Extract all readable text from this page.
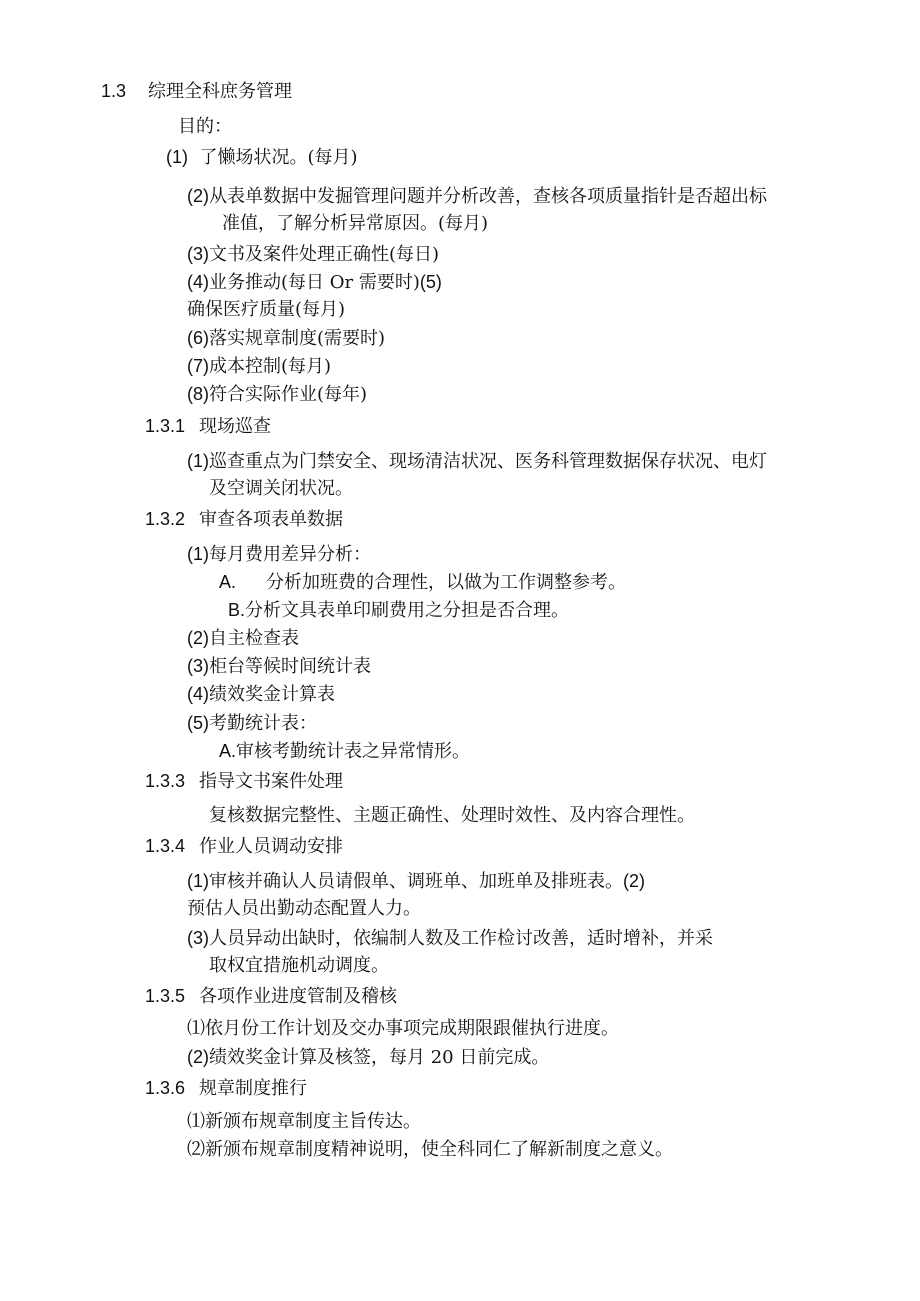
1.3 综理全科庶务管理
目的：
(1) 了懒场状况。(每月)
(2)从表单数据中发掘管理问题并分析改善，查核各项质量指针是否超出标
准值，了解分析异常原因。(每月)
(3)文书及案件处理正确性(每日)
(4)业务推动(每日 Or 需要时)(5)
确保医疗质量(每月)
(6)落实规章制度(需要时)
(7)成本控制(每月)
(8)符合实际作业(每年)
1.3.1 现场巡查
(1)巡查重点为门禁安全、现场清洁状况、医务科管理数据保存状况、电灯
及空调关闭状况。
1.3.2 审查各项表单数据
(1)每月费用差异分析：
A. 分析加班费的合理性，以做为工作调整参考。
B.分析文具表单印刷费用之分担是否合理。
(2)自主检查表
(3)柜台等候时间统计表
(4)绩效奖金计算表
(5)考勤统计表：
A.审核考勤统计表之异常情形。
1.3.3 指导文书案件处理
复核数据完整性、主题正确性、处理时效性、及内容合理性。
1.3.4 作业人员调动安排
(1)审核并确认人员请假单、调班单、加班单及排班表。(2)
预估人员出勤动态配置人力。
(3)人员异动出缺时，依编制人数及工作检讨改善，适时增补，并采
取权宜措施机动调度。
1.3.5 各项作业进度管制及稽核
⑴依月份工作计划及交办事项完成期限跟催执行进度。
(2)绩效奖金计算及核签，每月 20 日前完成。
1.3.6 规章制度推行
⑴新颁布规章制度主旨传达。
⑵新颁布规章制度精神说明，使全科同仁了解新制度之意义。
